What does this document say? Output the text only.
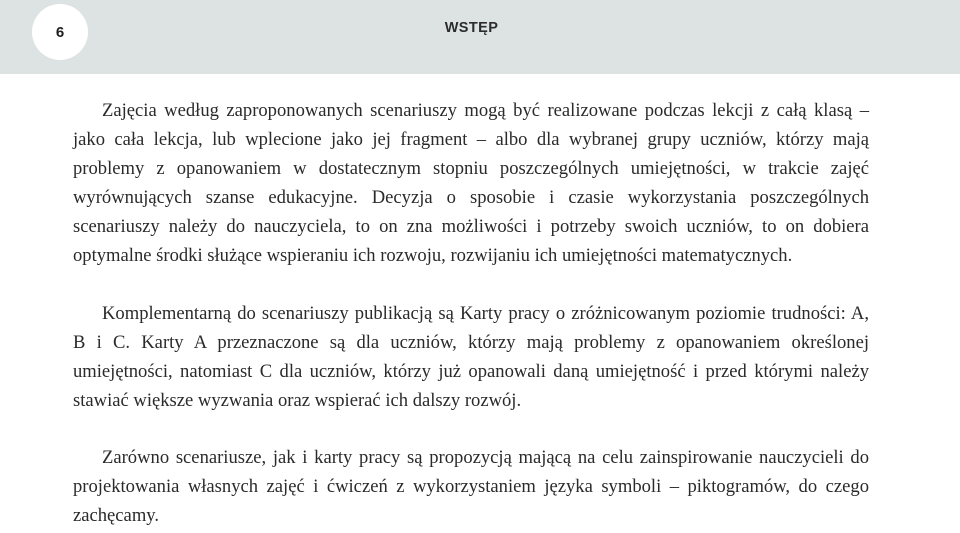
6	WSTĘP

Zajęcia według zaproponowanych scenariuszy mogą być realizowane podczas lekcji z całą klasą – jako cała lekcja, lub wplecione jako jej fragment – albo dla wybranej grupy uczniów, którzy mają problemy z opanowaniem w dostatecznym stopniu poszczególnych umiejętności, w trakcie zajęć wyrównujących szanse edukacyjne. Decyzja o sposobie i czasie wykorzystania poszczególnych scenariuszy należy do nauczyciela, to on zna możliwości i potrzeby swoich uczniów, to on dobiera optymalne środki służące wspieraniu ich rozwoju, rozwijaniu ich umiejętności matematycznych.

Komplementarną do scenariuszy publikacją są Karty pracy o zróżnicowanym poziomie trudności: A, B i C. Karty A przeznaczone są dla uczniów, którzy mają problemy z opanowaniem określonej umiejętności, natomiast C dla uczniów, którzy już opanowali daną umiejętność i przed którymi należy stawiać większe wyzwania oraz wspierać ich dalszy rozwój.

Zarówno scenariusze, jak i karty pracy są propozycją mającą na celu zainspirowanie nauczycieli do projektowania własnych zajęć i ćwiczeń z wykorzystaniem języka symboli – piktogramów, do czego zachęcamy.
